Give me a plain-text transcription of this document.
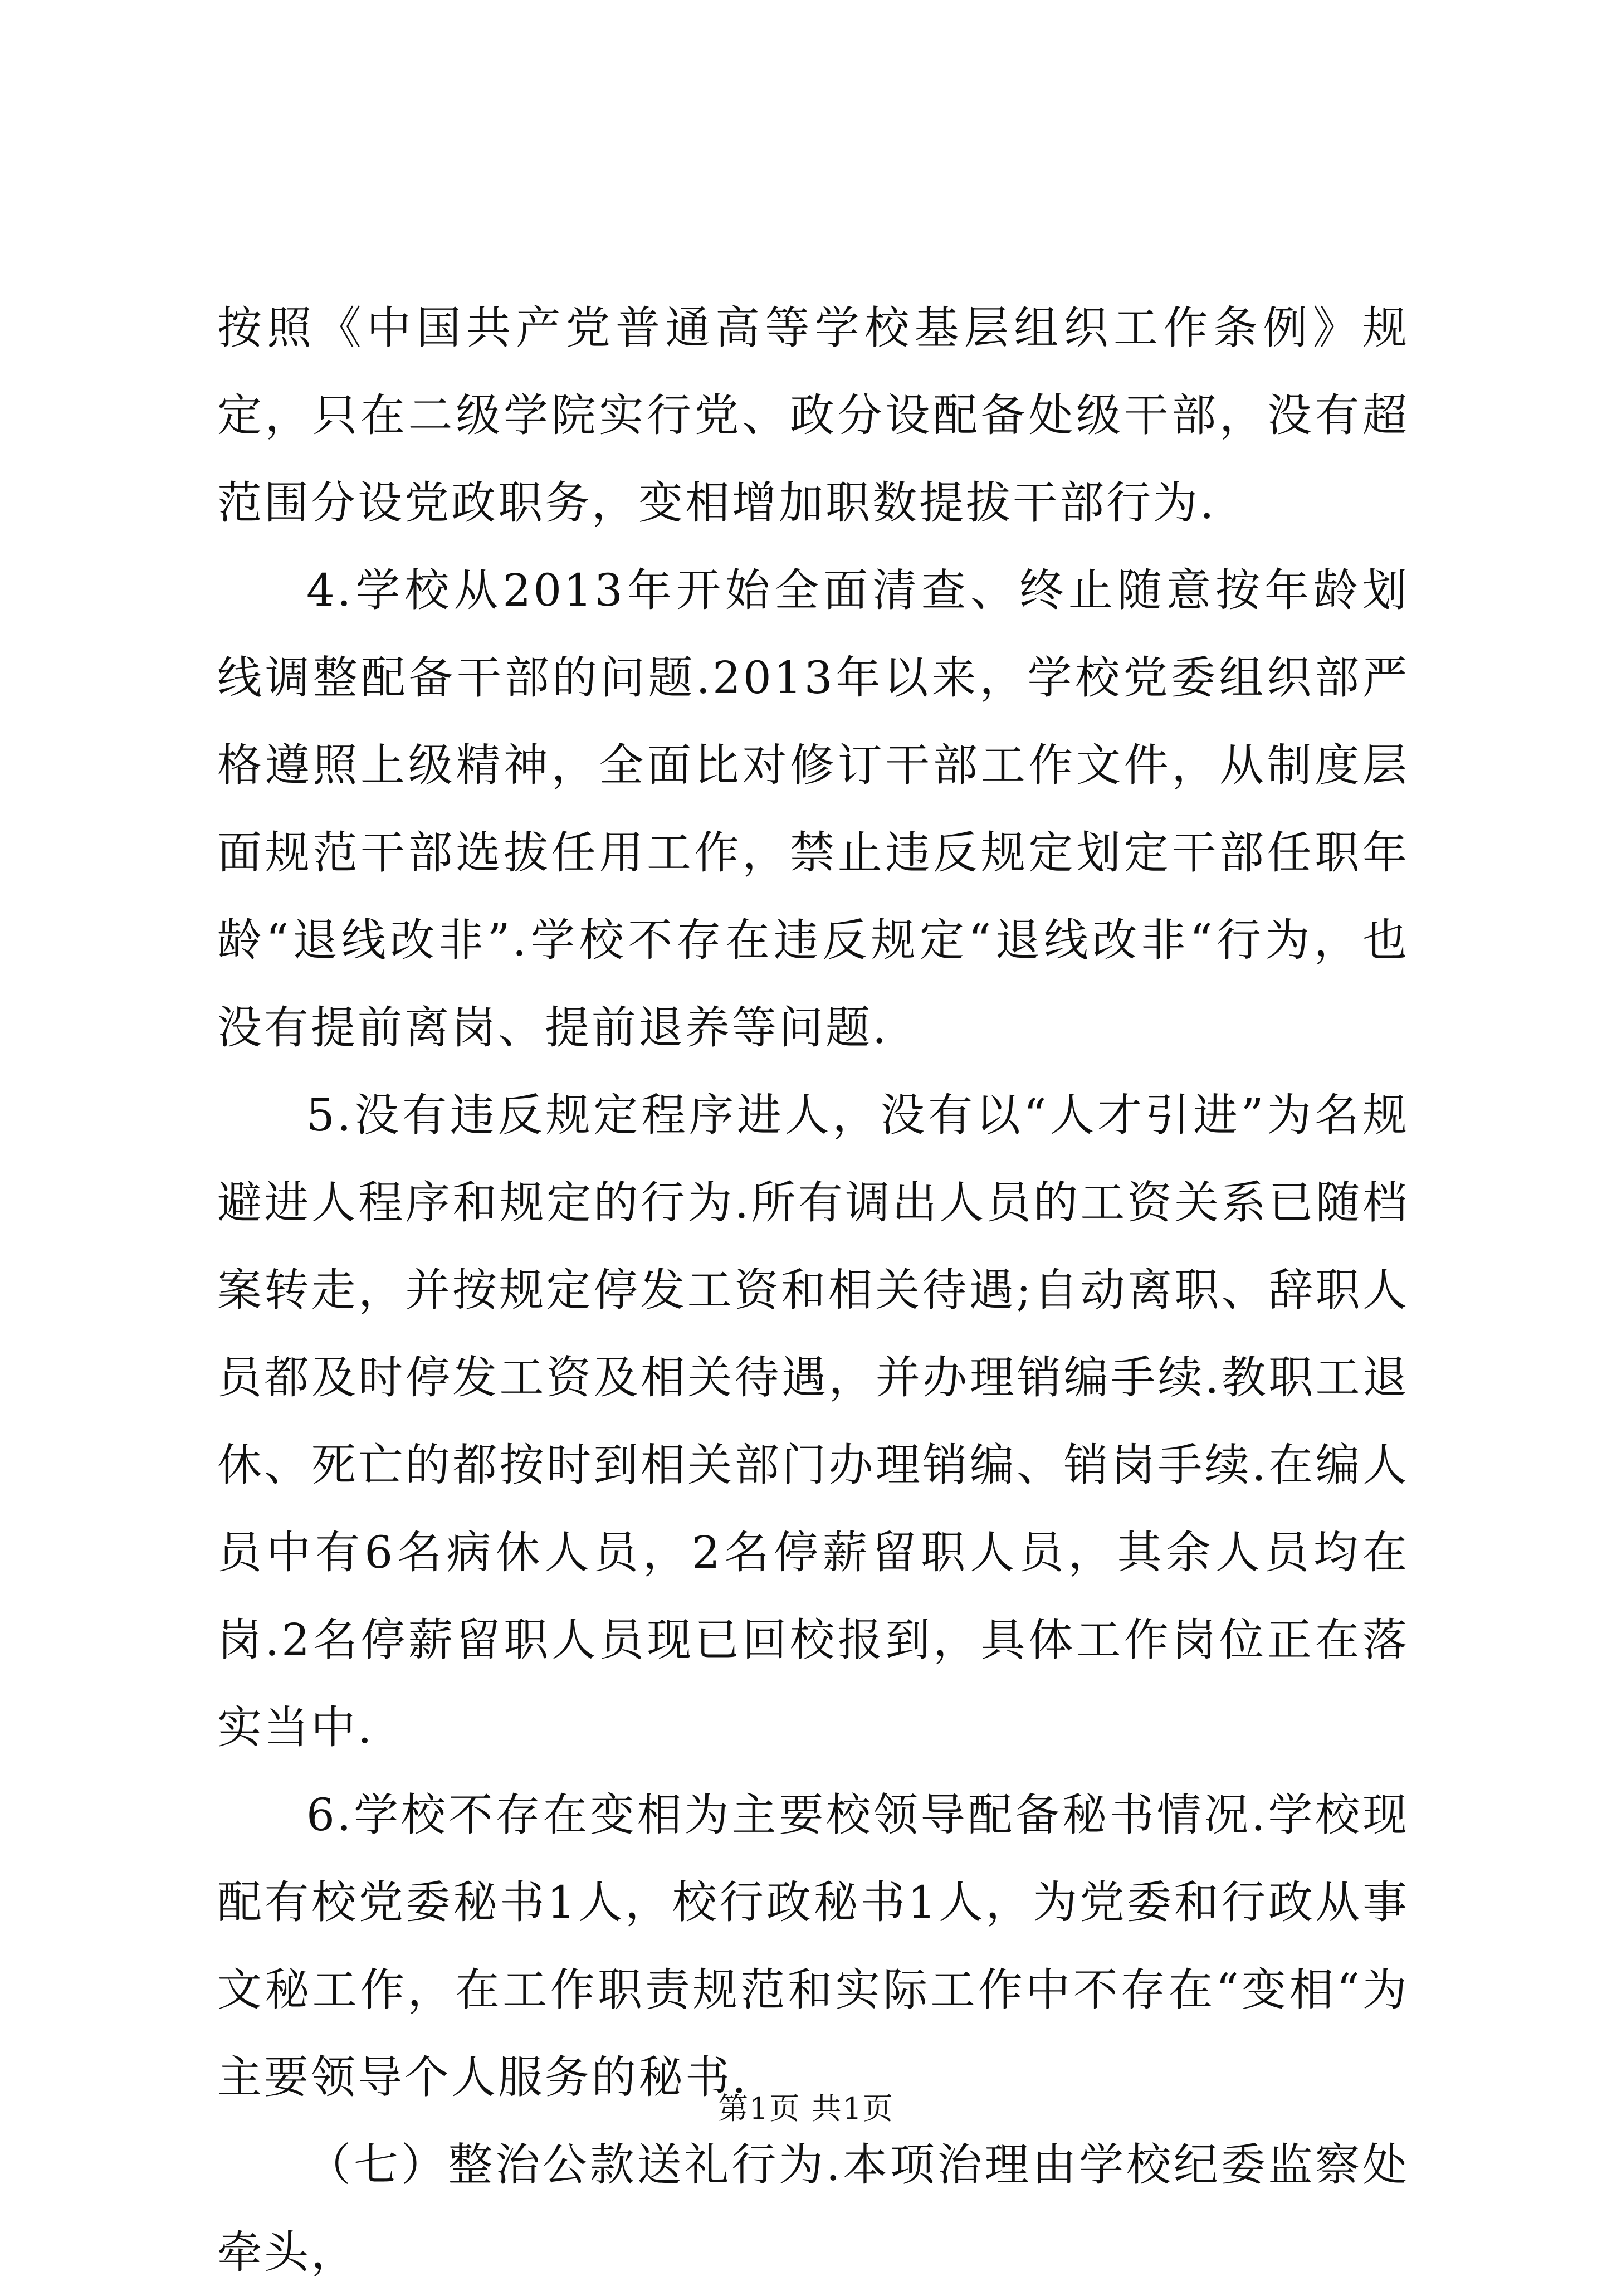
按照《中国共产党普通高等学校基层组织工作条例》规定，只在二级学院实行党、政分设配备处级干部，没有超范围分设党政职务，变相增加职数提拔干部行为.

4.学校从2013年开始全面清查、终止随意按年龄划线调整配备干部的问题.2013年以来，学校党委组织部严格遵照上级精神，全面比对修订干部工作文件，从制度层面规范干部选拔任用工作，禁止违反规定划定干部任职年龄“退线改非”.学校不存在违反规定“退线改非“行为，也没有提前离岗、提前退养等问题.

5.没有违反规定程序进人，没有以“人才引进”为名规避进人程序和规定的行为.所有调出人员的工资关系已随档案转走，并按规定停发工资和相关待遇;自动离职、辞职人员都及时停发工资及相关待遇，并办理销编手续.教职工退休、死亡的都按时到相关部门办理销编、销岗手续.在编人员中有6名病休人员，2名停薪留职人员，其余人员均在岗.2名停薪留职人员现已回校报到，具体工作岗位正在落实当中.

6.学校不存在变相为主要校领导配备秘书情况.学校现配有校党委秘书1人，校行政秘书1人，为党委和行政从事文秘工作，在工作职责规范和实际工作中不存在“变相“为主要领导个人服务的秘书.

（七）整治公款送礼行为.本项治理由学校纪委监察处牵头，

第1页 共1页
